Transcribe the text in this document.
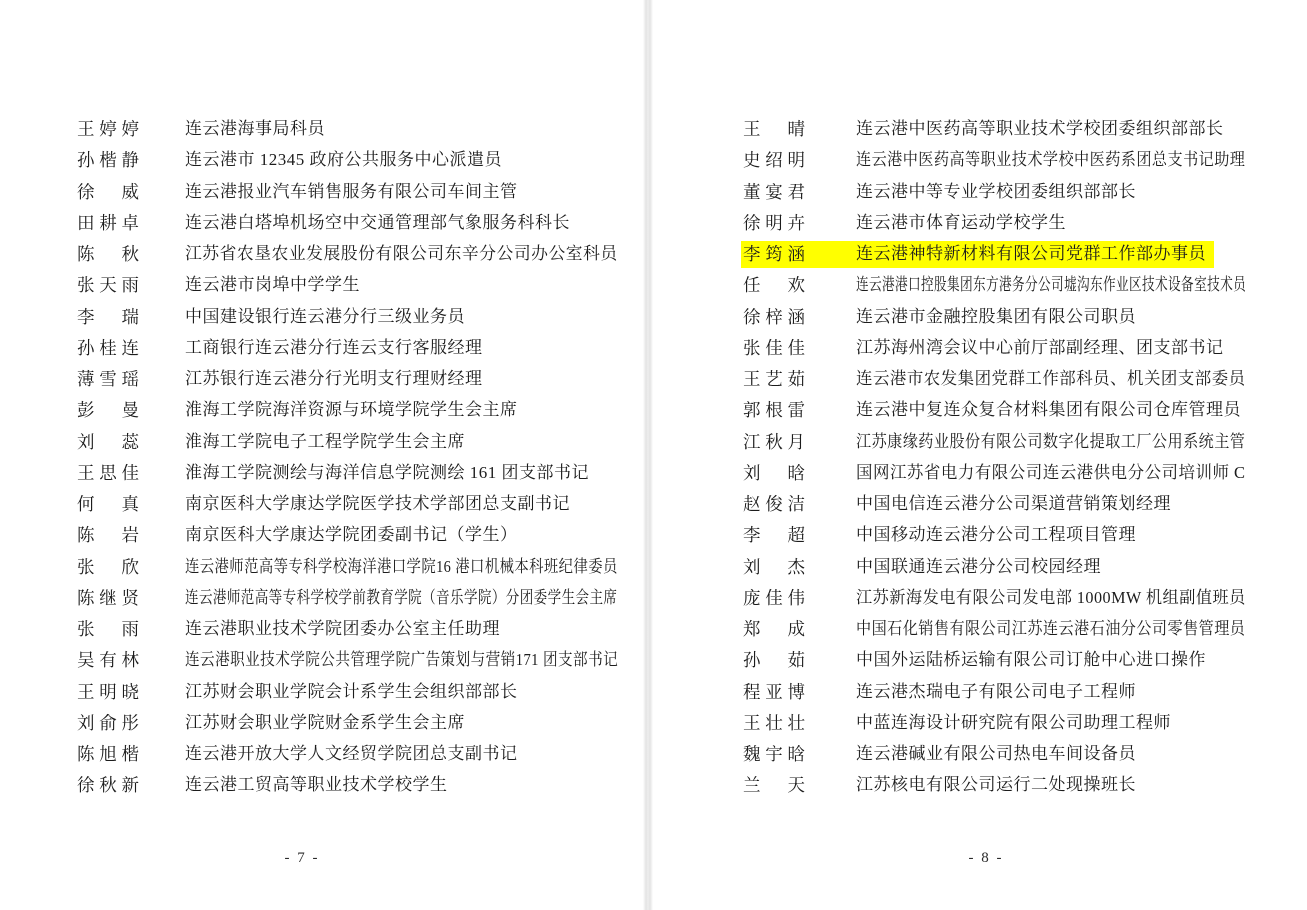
王 婷 婷	连云港海事局科员
孙 楷 静	连云港市 12345 政府公共服务中心派遣员
徐 威	连云港报业汽车销售服务有限公司车间主管
田 耕 卓	连云港白塔埠机场空中交通管理部气象服务科科长
陈 秋	江苏省农垦农业发展股份有限公司东辛分公司办公室科员
张 天 雨	连云港市岗埠中学学生
李 瑞	中国建设银行连云港分行三级业务员
孙 桂 连	工商银行连云港分行连云支行客服经理
薄 雪 瑶	江苏银行连云港分行光明支行理财经理
彭 曼	淮海工学院海洋资源与环境学院学生会主席
刘 蕊	淮海工学院电子工程学院学生会主席
王 思 佳	淮海工学院测绘与海洋信息学院测绘 161 团支部书记
何 真	南京医科大学康达学院医学技术学部团总支副书记
陈 岩	南京医科大学康达学院团委副书记（学生）
张 欣	连云港师范高等专科学校海洋港口学院16 港口机械本科班纪律委员
陈 继 贤	连云港师范高等专科学校学前教育学院（音乐学院）分团委学生会主席
张 雨	连云港职业技术学院团委办公室主任助理
吴 有 林	连云港职业技术学院公共管理学院广告策划与营销171 团支部书记
王 明 晓	江苏财会职业学院会计系学生会组织部部长
刘 俞 彤	江苏财会职业学院财金系学生会主席
陈 旭 楷	连云港开放大学人文经贸学院团总支副书记
徐 秋 新	连云港工贸高等职业技术学校学生
- 7 -
王 晴	连云港中医药高等职业技术学校团委组织部部长
史 绍 明	连云港中医药高等职业技术学校中医药系团总支书记助理
董 宴 君	连云港中等专业学校团委组织部部长
徐 明 卉	连云港市体育运动学校学生
李 筠 涵	连云港神特新材料有限公司党群工作部办事员
任 欢	连云港港口控股集团东方港务分公司墟沟东作业区技术设备室技术员
徐 梓 涵	连云港市金融控股集团有限公司职员
张 佳 佳	江苏海州湾会议中心前厅部副经理、团支部书记
王 艺 茹	连云港市农发集团党群工作部科员、机关团支部委员
郭 根 雷	连云港中复连众复合材料集团有限公司仓库管理员
江 秋 月	江苏康缘药业股份有限公司数字化提取工厂公用系统主管
刘 晗	国网江苏省电力有限公司连云港供电分公司培训师 C
赵 俊 洁	中国电信连云港分公司渠道营销策划经理
李 超	中国移动连云港分公司工程项目管理
刘 杰	中国联通连云港分公司校园经理
庞 佳 伟	江苏新海发电有限公司发电部 1000MW 机组副值班员
郑 成	中国石化销售有限公司江苏连云港石油分公司零售管理员
孙 茹	中国外运陆桥运输有限公司订舱中心进口操作
程 亚 博	连云港杰瑞电子有限公司电子工程师
王 壮 壮	中蓝连海设计研究院有限公司助理工程师
魏 宇 晗	连云港碱业有限公司热电车间设备员
兰 天	江苏核电有限公司运行二处现操班长
- 8 -
